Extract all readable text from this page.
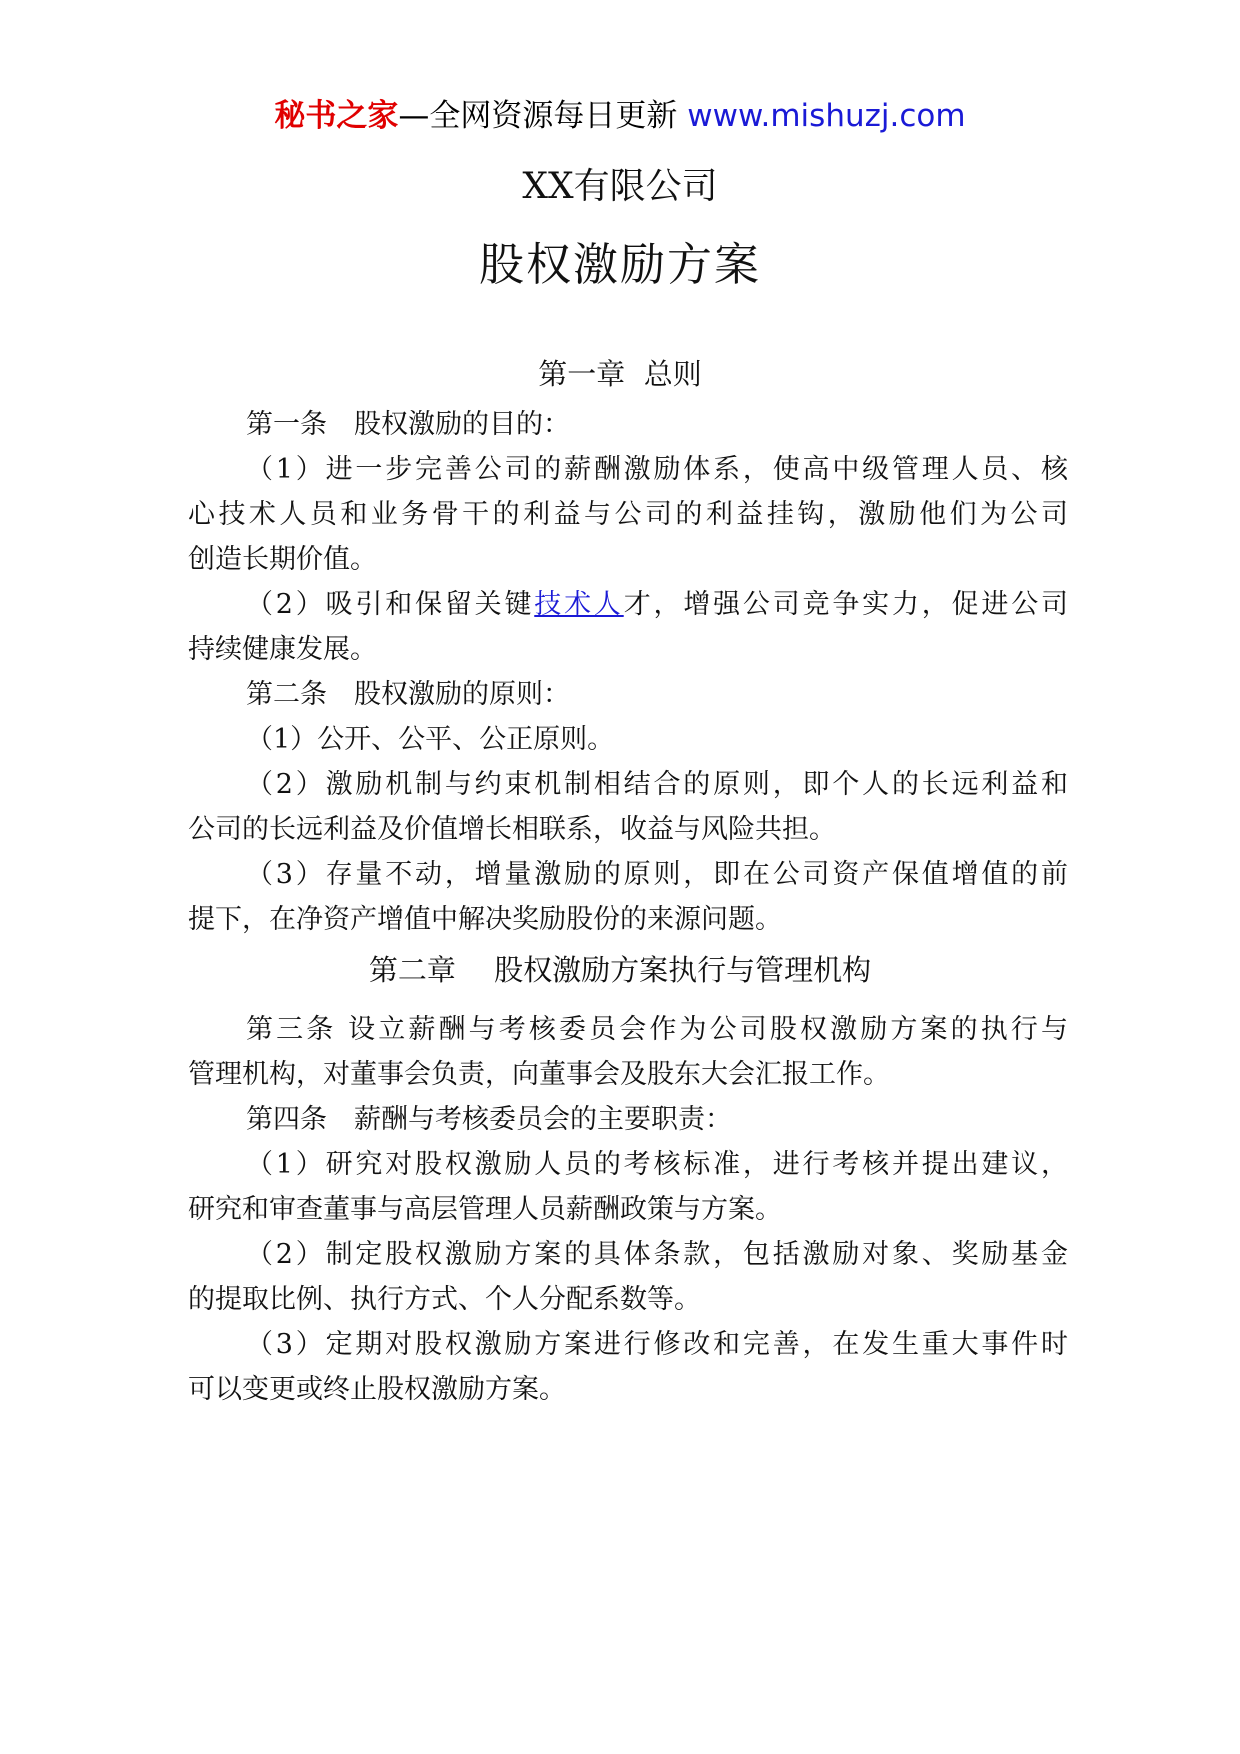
秘书之家—全网资源每日更新 www.mishuzj.com
XX有限公司
股权激励方案
第一章  总则
第一条　股权激励的目的：
（1）进一步完善公司的薪酬激励体系，使高中级管理人员、核
心技术人员和业务骨干的利益与公司的利益挂钩，激励他们为公司
创造长期价值。
（2）吸引和保留关键技术人才，增强公司竞争实力，促进公司
持续健康发展。
第二条　股权激励的原则：
（1）公开、公平、公正原则。
（2）激励机制与约束机制相结合的原则，即个人的长远利益和
公司的长远利益及价值增长相联系，收益与风险共担。
（3）存量不动，增量激励的原则，即在公司资产保值增值的前
提下，在净资产增值中解决奖励股份的来源问题。
第二章　 股权激励方案执行与管理机构
第三条 设立薪酬与考核委员会作为公司股权激励方案的执行与
管理机构，对董事会负责，向董事会及股东大会汇报工作。
第四条　薪酬与考核委员会的主要职责：
（1）研究对股权激励人员的考核标准，进行考核并提出建议，
研究和审查董事与高层管理人员薪酬政策与方案。
（2）制定股权激励方案的具体条款，包括激励对象、奖励基金
的提取比例、执行方式、个人分配系数等。
（3）定期对股权激励方案进行修改和完善，在发生重大事件时
可以变更或终止股权激励方案。
